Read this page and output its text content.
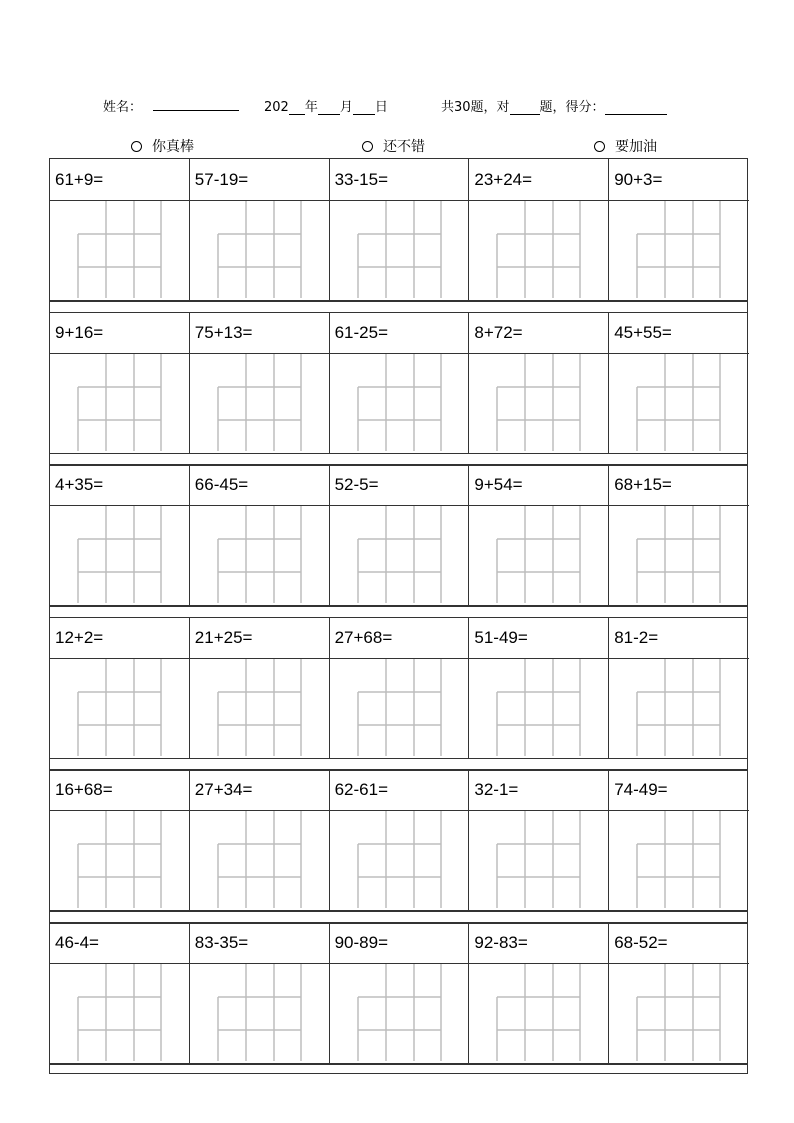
姓名：	202 年 月 日	共30题，对 题，得分：
你真棒	还不错	要加油
61+9=	57-19=	33-15=	23+24=	90+3=
9+16=	75+13=	61-25=	8+72=	45+55=
4+35=	66-45=	52-5=	9+54=	68+15=
12+2=	21+25=	27+68=	51-49=	81-2=
16+68=	27+34=	62-61=	32-1=	74-49=
46-4=	83-35=	90-89=	92-83=	68-52=
